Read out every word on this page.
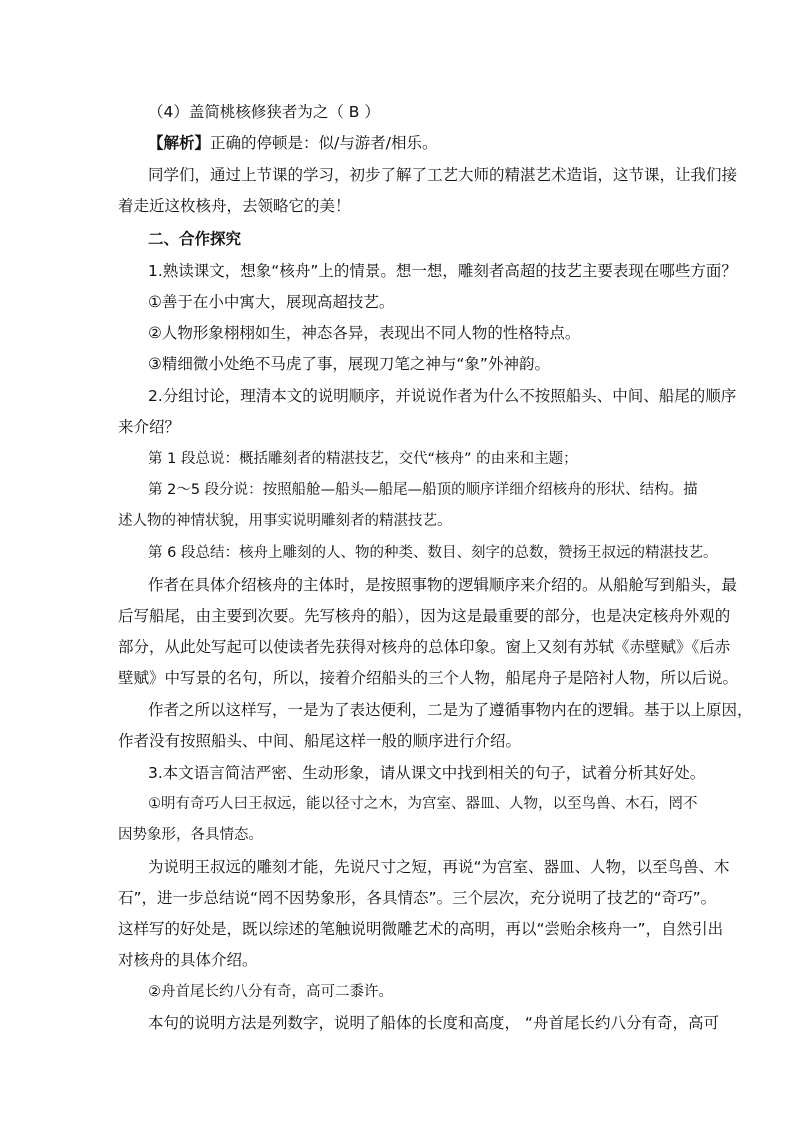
（4）盖简桃核修狭者为之（ B ）

【解析】正确的停顿是：似/与游者/相乐。

同学们，通过上节课的学习，初步了解了工艺大师的精湛艺术造诣，这节课，让我们接

着走近这枚核舟，去领略它的美！

二、合作探究

1.熟读课文，想象“核舟”上的情景。想一想，雕刻者高超的技艺主要表现在哪些方面？

①善于在小中寓大，展现高超技艺。

②人物形象栩栩如生，神态各异，表现出不同人物的性格特点。

③精细微小处绝不马虎了事，展现刀笔之神与“象”外神韵。

2.分组讨论，理清本文的说明顺序，并说说作者为什么不按照船头、中间、船尾的顺序

来介绍？

第 1 段总说：概括雕刻者的精湛技艺，交代“核舟” 的由来和主题；

第 2～5 段分说：按照船舱—船头—船尾—船顶的顺序详细介绍核舟的形状、结构。描

述人物的神情状貌，用事实说明雕刻者的精湛技艺。

第 6 段总结：核舟上雕刻的人、物的种类、数目、刻字的总数，赞扬王叔远的精湛技艺。

作者在具体介绍核舟的主体时，是按照事物的逻辑顺序来介绍的。从船舱写到船头，最

后写船尾，由主要到次要。先写核舟的船），因为这是最重要的部分，也是决定核舟外观的

部分，从此处写起可以使读者先获得对核舟的总体印象。窗上又刻有苏轼《赤壁赋》《后赤

壁赋》中写景的名句，所以，接着介绍船头的三个人物，船尾舟子是陪衬人物，所以后说。

作者之所以这样写，一是为了表达便利，二是为了遵循事物内在的逻辑。基于以上原因，

作者没有按照船头、中间、船尾这样一般的顺序进行介绍。

3.本文语言简洁严密、生动形象，请从课文中找到相关的句子，试着分析其好处。

①明有奇巧人曰王叔远，能以径寸之木，为宫室、器皿、人物，以至鸟兽、木石，罔不

因势象形，各具情态。

为说明王叔远的雕刻才能，先说尺寸之短，再说“为宫室、器皿、人物，以至鸟兽、木

石”，进一步总结说“罔不因势象形，各具情态”。三个层次，充分说明了技艺的“奇巧”。

这样写的好处是，既以综述的笔触说明微雕艺术的高明，再以“尝贻余核舟一”，自然引出

对核舟的具体介绍。

②舟首尾长约八分有奇，高可二黍许。

本句的说明方法是列数字，说明了船体的长度和高度， “舟首尾长约八分有奇，高可
